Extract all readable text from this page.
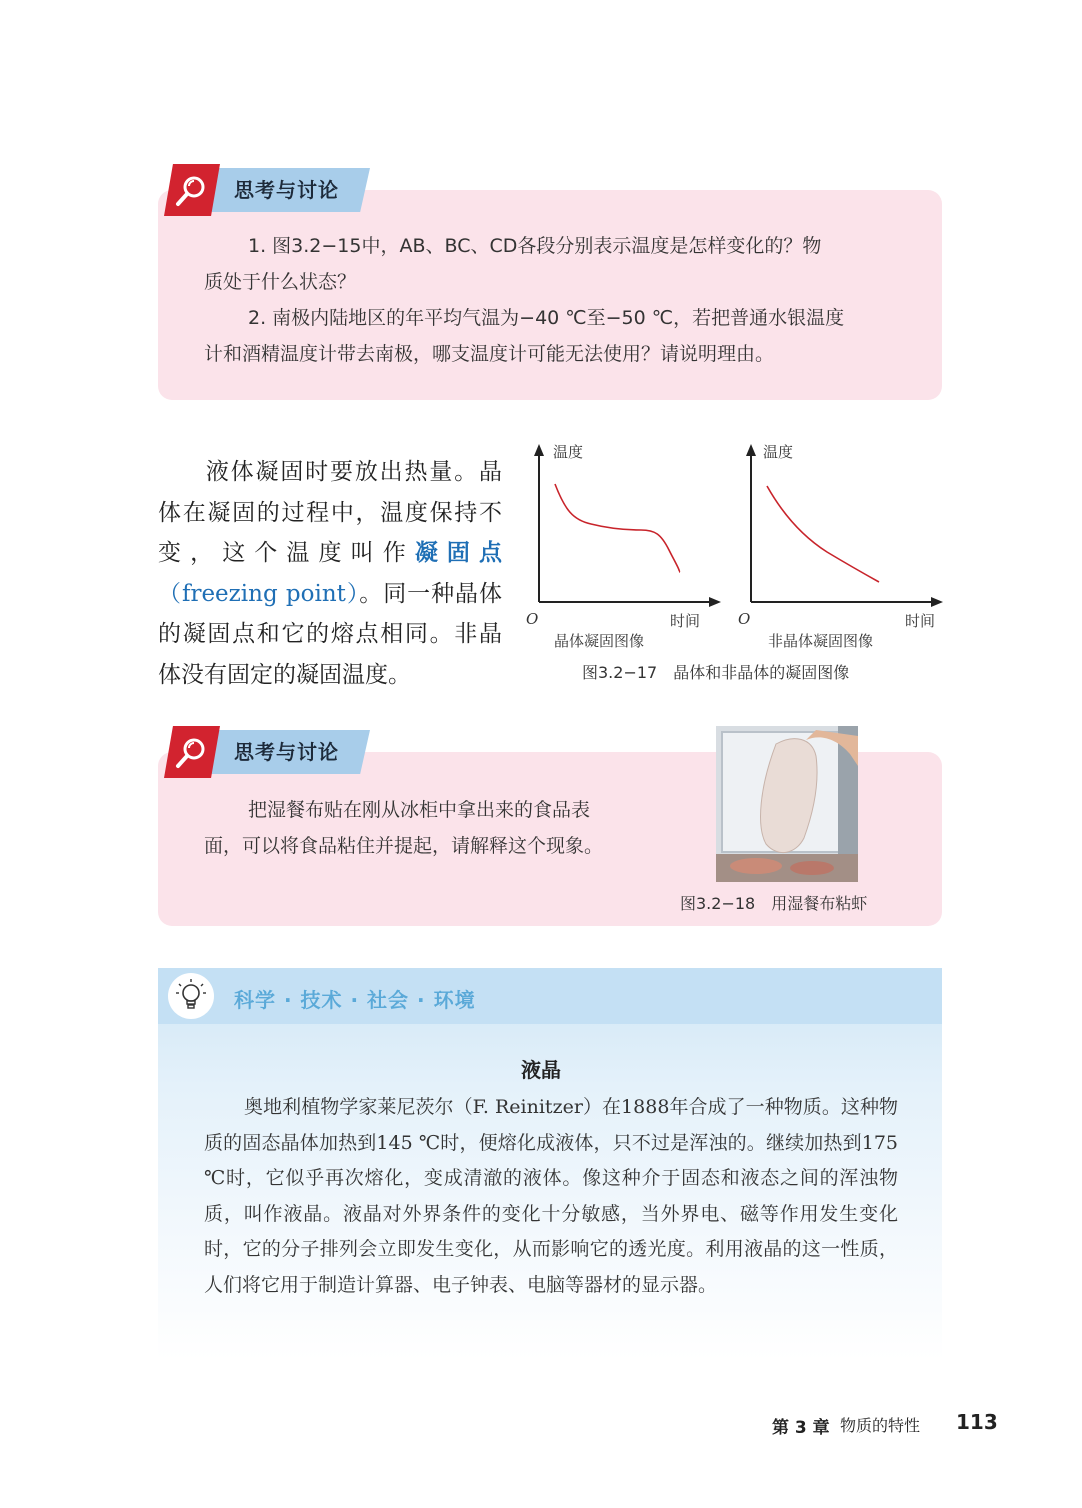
思考与讨论
1. 图3.2−15中，AB、BC、CD各段分别表示温度是怎样变化的？物
质处于什么状态？
2. 南极内陆地区的年平均气温为−40 ℃至−50 ℃，若把普通水银温度
计和酒精温度计带去南极，哪支温度计可能无法使用？请说明理由。
液体凝固时要放出热量。晶体在凝固的过程中，温度保持不变，这个温度叫作凝固点（freezing point）。同一种晶体的凝固点和它的熔点相同。非晶体没有固定的凝固温度。
温度	温度
O	O
时间	时间
晶体凝固图像	非晶体凝固图像
图3.2−17　晶体和非晶体的凝固图像
思考与讨论
把湿餐布贴在刚从冰柜中拿出来的食品表
面，可以将食品粘住并提起，请解释这个现象。
图3.2−18　用湿餐布粘虾
科学 · 技术 · 社会 · 环境
液晶
奥地利植物学家莱尼茨尔（F. Reinitzer）在1888年合成了一种物质。这种物质的固态晶体加热到145 ℃时，便熔化成液体，只不过是浑浊的。继续加热到175 ℃时，它似乎再次熔化，变成清澈的液体。像这种介于固态和液态之间的浑浊物质，叫作液晶。液晶对外界条件的变化十分敏感，当外界电、磁等作用发生变化时，它的分子排列会立即发生变化，从而影响它的透光度。利用液晶的这一性质，人们将它用于制造计算器、电子钟表、电脑等器材的显示器。
第 3 章 物质的特性 113
